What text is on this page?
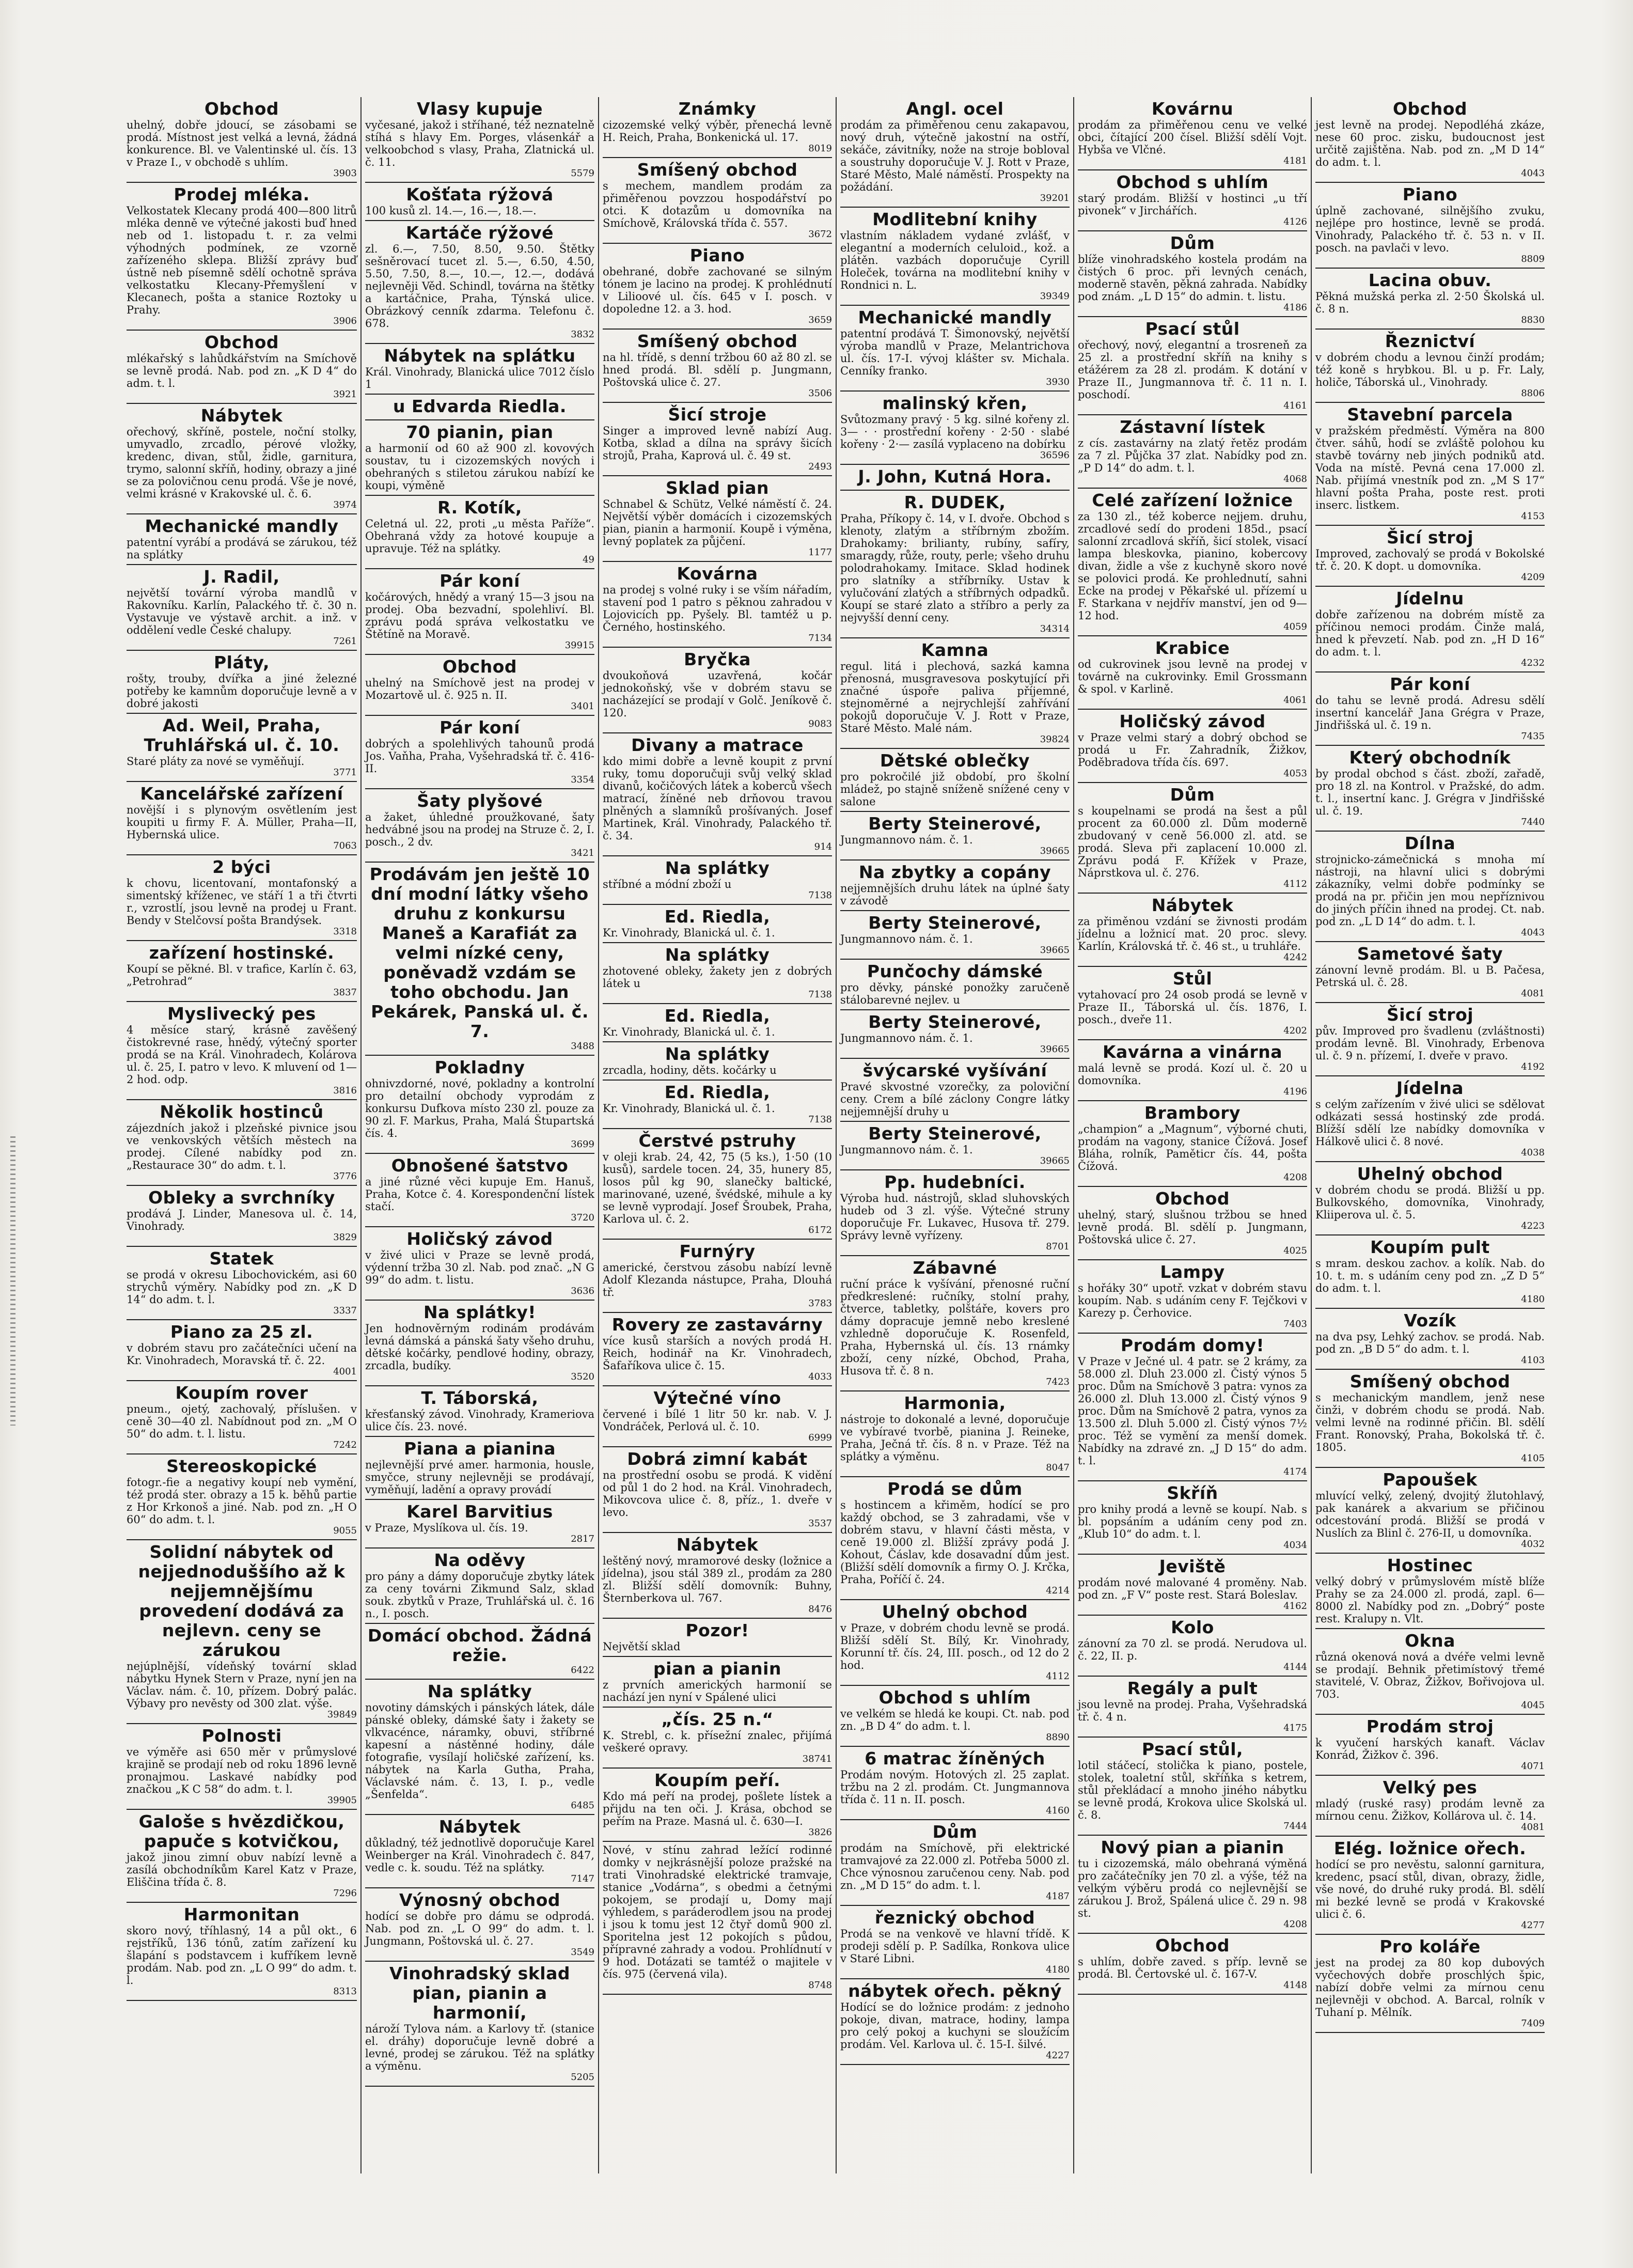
Obchod
uhelný, dobře jdoucí, se zásobami se prodá. Místnost jest velká a levná, žádná konkurence. Bl. ve Valentinské ul. čís. 13 v Praze I., v obchodě s uhlím.
3903
Prodej mléka.
Velkostatek Klecany prodá 400—800 litrů mléka denně ve výtečné jakosti buď hned neb od 1. listopadu t. r. za velmi výhodných podmínek, ze vzorně zařízeného sklepa. Bližší zprávy buď ústně neb písemně sdělí ochotně správa velkostatku Klecany-Přemyšlení v Klecanech, pošta a stanice Roztoky u Prahy.
3906
Obchod
mlékařský s lahůdkářstvím na Smíchově se levně prodá. Nab. pod zn. „K D 4“ do adm. t. l.
3921
Nábytek
ořechový, skříně, postele, noční stolky, umyvadlo, zrcadlo, pérové vložky, kredenc, divan, stůl, židle, garnitura, trymo, salonní skříň, hodiny, obrazy a jiné se za polovičnou cenu prodá. Vše je nové, velmi krásné v Krakovské ul. č. 6.
3974
Mechanické mandly
patentní vyrábí a prodává se zárukou, též na splátky
J. Radil,
největší tovární výroba mandlů v Rakovníku. Karlín, Palackého tř. č. 30 n. Vystavuje ve výstavě archit. a inž. v oddělení vedle České chalupy.
7261
Pláty,
rošty, trouby, dvířka a jiné železné potřeby ke kamnům doporučuje levně a v dobré jakosti
Ad. Weil, Praha, Truhlářská ul. č. 10.
Staré pláty za nové se vyměňují.
3771
Kancelářské zařízení
novější i s plynovým osvětlením jest koupiti u firmy F. A. Müller, Praha—II, Hybernská ulice.
7063
2 býci
k chovu, licentovaní, montafonský a simentský kříženec, ve stáří 1 a tři čtvrti r., vzrostlí, jsou levně na prodej u Frant. Bendy v Stelčovsí pošta Brandýsek.
3318
zařízení hostinské.
Koupí se pěkné. Bl. v trafice, Karlín č. 63, „Petrohrad“
3837
Myslivecký pes
4 měsíce starý, krásně zavěšený čistokrevné rase, hnědý, výtečný sporter prodá se na Král. Vinohradech, Kolárova ul. č. 25, I. patro v levo. K mluvení od 1—2 hod. odp.
3816
Několik hostinců
zájezdních jakož i plzeňské pivnice jsou ve venkovských větších městech na prodej. Cílené nabídky pod zn. „Restaurace 30“ do adm. t. l.
3776
Obleky a svrchníky
prodává J. Linder, Manesova ul. č. 14, Vinohrady.
3829
Statek
se prodá v okresu Libochovickém, asi 60 strychů výměry. Nabídky pod zn. „K D 14“ do adm. t. l.
3337
Piano za 25 zl.
v dobrém stavu pro začátečníci učení na Kr. Vinohradech, Moravská tř. č. 22.
4001
Koupím rover
pneum., ojetý, zachovalý, příslušen. v ceně 30—40 zl. Nabídnout pod zn. „M O 50“ do adm. t. l. listu.
7242
Stereoskopické
fotogr.-fie a negativy koupí neb vymění, též prodá ster. obrazy a 15 k. běhů partie z Hor Krkonoš a jiné. Nab. pod zn. „H O 60“ do adm. t. l.
9055
Solidní nábytek od nejjednoduššího až k nejjemnějšímu provedení dodává za nejlevn. ceny se zárukou
nejúplnější, vídeňský tovární sklad nábytku Hynek Stern v Praze, nyní jen na Václav. nám. č. 10, přízem. Dobrý palác. Výbavy pro nevěsty od 300 zlat. výše.
39849
Polnosti
ve výměře asi 650 měr v průmyslové krajině se prodají neb od roku 1896 levně pronajmou. Laskavé nabídky pod značkou „K C 58“ do adm. t. l.
39905
Galoše s hvězdičkou, papuče s kotvičkou,
jakož jinou zimní obuv nabízí levně a zasílá obchodníkům Karel Katz v Praze, Eliščina třída č. 8.
7296
Harmonitan
skoro nový, tříhlasný, 14 a půl okt., 6 rejstříků, 136 tónů, zatím zařízení ku šlapání s podstavcem i kufříkem levně prodám. Nab. pod zn. „L O 99“ do adm. t. l.
8313
Vlasy kupuje
vyčesané, jakož i stříhané, též neznatelně stíhá s hlavy Em. Porges, vlásenkář a velkoobchod s vlasy, Praha, Zlatnická ul. č. 11.
5579
Košťata rýžová
100 kusů zl. 14.—, 16.—, 18.—.
Kartáče rýžové
zl. 6.—, 7.50, 8.50, 9.50. Štětky sešněrovací tucet zl. 5.—, 6.50, 4.50, 5.50, 7.50, 8.—, 10.—, 12.—, dodává nejlevněji Věd. Schindl, továrna na štětky a kartáčnice, Praha, Týnská ulice. Obrázkový cenník zdarma. Telefonu č. 678.
3832
Nábytek na splátku
Král. Vinohrady, Blanická ulice 7012 číslo 1
u Edvarda Riedla.
70 pianin, pian
a harmonií od 60 až 900 zl. kovových soustav, tu i cizozemských nových i obehraných s stiletou zárukou nabízí ke koupi, výměně
R. Kotík,
Celetná ul. 22, proti „u města Paříže“. Obehraná vždy za hotové koupuje a upravuje. Též na splátky.
49
Pár koní
kočárových, hnědý a vraný 15—3 jsou na prodej. Oba bezvadní, spolehliví. Bl. zprávu podá správa velkostatku ve Štětíně na Moravě.
39915
Obchod
uhelný na Smíchově jest na prodej v Mozartově ul. č. 925 n. II.
3401
Pár koní
dobrých a spolehlivých tahounů prodá Jos. Vaňha, Praha, Vyšehradská tř. č. 416-II.
3354
Šaty plyšové
a žaket, úhledné proužkované, šaty hedvábné jsou na prodej na Struze č. 2, I. posch., 2 dv.
3421
Prodávám jen ještě 10 dní modní látky všeho druhu z konkursu Maneš a Karafiát za velmi nízké ceny, poněvadž vzdám se toho obchodu. Jan Pekárek, Panská ul. č. 7.
3488
Pokladny
ohnivzdorné, nové, pokladny a kontrolní pro detailní obchody vyprodám z konkursu Dufkova místo 230 zl. pouze za 90 zl. F. Markus, Praha, Malá Štupartská čís. 4.
3699
Obnošené šatstvo
a jiné různé věci kupuje Em. Hanuš, Praha, Kotce č. 4. Korespondenční lístek stačí.
3720
Holičský závod
v živé ulici v Praze se levně prodá, výdenní tržba 30 zl. Nab. pod znač. „N G 99“ do adm. t. listu.
3636
Na splátky!
Jen hodnověrným rodinám prodávám levná dámská a pánská šaty všeho druhu, dětské kočárky, pendlové hodiny, obrazy, zrcadla, budíky.
3520
T. Táborská,
křesťanský závod. Vinohrady, Krameriova ulice čís. 23. nové.
Piana a pianina
nejlevnější prvé amer. harmonia, housle, smyčce, struny nejlevněji se prodávají, vyměňují, ladění a opravy provádí
Karel Barvitius
v Praze, Myslíkova ul. čís. 19.
2817
Na oděvy
pro pány a dámy doporučuje zbytky látek za ceny továrni Zikmund Salz, sklad souk. zbytků v Praze, Truhlářská ul. č. 16 n., I. posch.
Domácí obchod. Žádná režie.
6422
Na splátky
novotiny dámských i pánských látek, dále pánské obleky, dámské šaty i žakety se vlkvacénce, náramky, obuvi, stříbrné kapesní a nástěnné hodiny, dále fotografie, vysílají holičské zařízení, ks. nábytek na Karla Gutha, Praha, Václavské nám. č. 13, I. p., vedle „Šenfelda“.
6485
Nábytek
důkladný, též jednotlivě doporučuje Karel Weinberger na Král. Vinohradech č. 847, vedle c. k. soudu. Též na splátky.
7147
Výnosný obchod
hodící se dobře pro dámu se odprodá. Nab. pod zn. „L O 99“ do adm. t. l. Jungmann, Poštovská ul. č. 27.
3549
Vinohradský sklad pian, pianin a harmonií,
nároží Tylova nám. a Karlovy tř. (stanice el. dráhy) doporučuje levně dobré a levné, prodej se zárukou. Též na splátky a výměnu.
5205
Známky
cizozemské velký výběr, přenechá levně H. Reich, Praha, Bonkenická ul. 17.
8019
Smíšený obchod
s mechem, mandlem prodám za přiměřenou povzzou hospodářství po otci. K dotazům u domovníka na Smíchově, Královská třída č. 557.
3672
Piano
obehrané, dobře zachované se silným tónem je lacino na prodej. K prohlédnutí v Lilioové ul. čís. 645 v I. posch. v dopoledne 12. a 3. hod.
3659
Smíšený obchod
na hl. třídě, s denní tržbou 60 až 80 zl. se hned prodá. Bl. sdělí p. Jungmann, Poštovská ulice č. 27.
3506
Šicí stroje
Singer a improved levně nabízí Aug. Kotba, sklad a dílna na správy šicích strojů, Praha, Kaprová ul. č. 49 st.
2493
Sklad pian
Schnabel & Schütz, Velké náměstí č. 24. Největší výběr domácích i cizozemských pian, pianin a harmonií. Koupě i výměna, levný poplatek za půjčení.
1177
Kovárna
na prodej s volné ruky i se vším nářadím, stavení pod 1 patro s pěknou zahradou v Lojovicích pp. Pyšely. Bl. tamtéž u p. Černého, hostinského.
7134
Bryčka
dvoukoňová uzavřená, kočár jednokoňský, vše v dobrém stavu se nacházející se prodají v Golč. Jeníkově č. 120.
9083
Divany a matrace
kdo mimi dobře a levně koupit z první ruky, tomu doporučuji svůj velký sklad divanů, kočičových látek a koberců všech matrací, žíněné neb drňovou travou plněných a slamníků prošívaných. Josef Martinek, Král. Vinohrady, Palackého tř. č. 34.
914
Na splátky
stříbné a módní zboží u
7138
Ed. Riedla,
Kr. Vinohrady, Blanická ul. č. 1.
Na splátky
zhotovené obleky, žakety jen z dobrých látek u
7138
Ed. Riedla,
Kr. Vinohrady, Blanická ul. č. 1.
Na splátky
zrcadla, hodiny, děts. kočárky u
Ed. Riedla,
Kr. Vinohrady, Blanická ul. č. 1.
7138
Čerstvé pstruhy
v oleji krab. 24, 42, 75 (5 ks.), 1·50 (10 kusů), sardele tocen. 24, 35, hunery 85, losos půl kg 90, slanečky baltické, marinované, uzené, švédské, mihule a ky se levně vyprodají. Josef Šroubek, Praha, Karlova ul. č. 2.
6172
Furnýry
americké, čerstvou zásobu nabízí levně Adolf Klezanda nástupce, Praha, Dlouhá tř.
3783
Rovery ze zastavárny
více kusů starších a nových prodá H. Reich, hodinář na Kr. Vinohradech, Šafaříkova ulice č. 15.
4033
Výtečné víno
červené i bílé 1 litr 50 kr. nab. V. J. Vondráček, Perlová ul. č. 10.
6999
Dobrá zimní kabát
na prostřední osobu se prodá. K vidění od půl 1 do 2 hod. na Král. Vinohradech, Mikovcova ulice č. 8, příz., 1. dveře v levo.
3537
Nábytek
leštěný nový, mramorové desky (ložnice a jídelna), jsou stál 389 zl., prodám za 280 zl. Bližší sdělí domovník: Buhny, Šternberkova ul. 767.
8476
Pozor!
Největší sklad
pian a pianin
z prvních amerických harmonií se nachází jen nyní v Spálené ulici
„čís. 25 n.“
K. Strebl, c. k. přísežní znalec, přijímá veškeré opravy.
38741
Koupím peří.
Kdo má peří na prodej, pošlete lístek a přijdu na ten oči. J. Krása, obchod se peřím na Praze. Masná ul. č. 630—I.
3826
Nové, v stínu zahrad ležící rodinné domky v nejkrásnější poloze pražské na trati Vinohradské elektrické tramvaje, stanice „Vodárna“, s obedmi a četnými pokojem, se prodají u, Domy mají výhledem, s paráderodlem jsou na prodej i jsou k tomu jest 12 čtyř domů 900 zl. Sporitelna jest 12 pokojích s půdou, přípravné zahrady a vodou. Prohlídnutí v 9 hod. Dotázati se tamtéž o majitele v čís. 975 (červená vila).
8748
Angl. ocel
prodám za přiměřenou cenu zakapavou, nový druh, výtečně jakostní na ostří, sekáče, závitníky, nože na stroje bobloval a soustruhy doporučuje V. J. Rott v Praze, Staré Město, Malé náměstí. Prospekty na požádání.
39201
Modlitební knihy
vlastním nákladem vydané zvlášť, v elegantní a moderních celuloid., kož. a plátěn. vazbách doporučuje Cyrill Holeček, továrna na modlitební knihy v Rondnici n. L.
39349
Mechanické mandly
patentní prodává T. Šimonovský, největší výroba mandlů v Praze, Melantrichova ul. čís. 17-I. vývoj klášter sv. Michala. Cenníky franko.
3930
malinský křen,
Svůtozmany pravý · 5 kg. silné kořeny zl. 3— · · prostřední kořeny · 2·50 · slabé kořeny · 2·— zasílá vyplaceno na dobírku
36596
J. John, Kutná Hora.
R. DUDEK,
Praha, Příkopy č. 14, v I. dvoře. Obchod s klenoty, zlatým a stříbrným zbožím. Drahokamy: brilianty, rubíny, safíry, smaragdy, růže, routy, perle; všeho druhu polodrahokamy. Imitace. Sklad hodinek pro slatníky a stříbrníky. Ustav k vylučování zlatých a stříbrných odpadků. Koupí se staré zlato a stříbro a perly za nejvyšší denní ceny.
34314
Kamna
regul. litá i plechová, sazká kamna přenosná, musgravesova poskytující při značné úspoře paliva příjemné, stejnoměrné a nejrychlejší zahřívání pokojů doporučuje V. J. Rott v Praze, Staré Město. Malé nám.
39824
Dětské oblečky
pro pokročilé již období, pro školní mládež, po stajně sníženě snížené ceny v salone
Berty Steinerové,
Jungmannovo nám. č. 1.
39665
Na zbytky a copány
nejjemnějších druhu látek na úplné šaty v závodě
Berty Steinerové,
Jungmannovo nám. č. 1.
39665
Punčochy dámské
pro děvky, pánské ponožky zaručeně stálobarevné nejlev. u
Berty Steinerové,
Jungmannovo nám. č. 1.
39665
švýcarské vyšívání
Pravé skvostné vzorečky, za poloviční ceny. Crem a bílé záclony Congre látky nejjemnější druhy u
Berty Steinerové,
Jungmannovo nám. č. 1.
39665
Pp. hudebníci.
Výroba hud. nástrojů, sklad sluhovských hudeb od 3 zl. výše. Výtečné struny doporučuje Fr. Lukavec, Husova tř. 279. Správy levně vyřízeny.
8701
Zábavné
ruční práce k vyšívání, přenosné ruční předkreslené: ručníky, stolní prahy, čtverce, tabletky, polštáře, kovers pro dámy dopracuje jemně nebo kreslené vzhledně doporučuje K. Rosenfeld, Praha, Hybernská ul. čís. 13 rnámky zboží, ceny nízké, Obchod, Praha, Husova tř. č. 8 n.
7423
Harmonia,
nástroje to dokonalé a levné, doporučuje ve vybíravé tvorbě, pianina J. Reineke, Praha, Ječná tř. čís. 8 n. v Praze. Též na splátky a výměnu.
8047
Prodá se dům
s hostincem a křiměm, hodící se pro každý obchod, se 3 zahradami, vše v dobrém stavu, v hlavní části města, v ceně 19.000 zl. Bližší zprávy podá J. Kohout, Čáslav, kde dosavadní dům jest. (Bližší sdělí domovník a firmy O. J. Krčka, Praha, Poříčí č. 24.
4214
Uhelný obchod
v Praze, v dobrém chodu levně se prodá. Bližší sdělí St. Bílý, Kr. Vinohrady, Korunní tř. čís. 24, III. posch., od 12 do 2 hod.
4112
Obchod s uhlím
ve velkém se hledá ke koupi. Ct. nab. pod zn. „B D 4“ do adm. t. l.
8890
6 matrac žíněných
Prodám novým. Hotových zl. 25 zaplat. tržbu na 2 zl. prodám. Ct. Jungmannova třída č. 11 n. II. posch.
4160
Dům
prodám na Smíchově, při elektrické tramvajové za 22.000 zl. Potřeba 5000 zl. Chce výnosnou zaručenou ceny. Nab. pod zn. „M D 15“ do adm. t. l.
4187
řeznický obchod
Prodá se na venkově ve hlavní třídě. K prodeji sdělí p. P. Sadílka, Ronkova ulice v Staré Libni.
4180
nábytek ořech. pěkný
Hodící se do ložnice prodám: z jednoho pokoje, divan, matrace, hodiny, lampa pro celý pokoj a kuchyni se sloužícím prodám. Vel. Karlova ul. č. 15-I. šilvé.
4227
Kovárnu
prodám za přiměřenou cenu ve velké obci, čítající 200 čísel. Bližší sdělí Vojt. Hybša ve Vlčné.
4181
Obchod s uhlím
starý prodám. Bližší v hostinci „u tří pivonek“ v Jirchářích.
4126
Dům
blíže vinohradského kostela prodám na čistých 6 proc. při levných cenách, moderně stavěn, pěkná zahrada. Nabídky pod znám. „L D 15“ do admin. t. listu.
4186
Psací stůl
ořechový, nový, elegantní a trosreneň za 25 zl. a prostřední skříň na knihy s etážérem za 28 zl. prodám. K dotání v Praze II., Jungmannova tř. č. 11 n. I. poschodí.
4161
Zástavní lístek
z cís. zastavárny na zlatý řetěz prodám za 7 zl. Půjčka 37 zlat. Nabídky pod zn. „P D 14“ do adm. t. l.
4068
Celé zařízení ložnice
za 130 zl., též koberce nejjem. druhu, zrcadlové sedí do prodeni 185d., psací salonní zrcadlová skříň, šicí stolek, visací lampa bleskovka, pianino, kobercovy divan, židle a vše z kuchyně skoro nové se polovici prodá. Ke prohlednutí, sahni Ecke na prodej v Pěkařské ul. přízemí u F. Starkana v nejdřív manství, jen od 9—12 hod.
4059
Krabice
od cukrovinek jsou levně na prodej v továrně na cukrovinky. Emil Grossmann & spol. v Karlině.
4061
Holičský závod
v Praze velmi starý a dobrý obchod se prodá u Fr. Zahradník, Žižkov, Poděbradova třída čís. 697.
4053
Dům
s koupelnami se prodá na šest a půl procent za 60.000 zl. Dům moderně zbudovaný v ceně 56.000 zl. atd. se prodá. Sleva při zaplacení 10.000 zl. Zprávu podá F. Křížek v Praze, Náprstkova ul. č. 276.
4112
Nábytek
za přiměnou vzdání se živnosti prodám jídelnu a ložnicí mat. 20 proc. slevy. Karlín, Královská tř. č. 46 st., u truhláře.
4242
Stůl
vytahovací pro 24 osob prodá se levně v Praze II., Táborská ul. čís. 1876, I. posch., dveře 11.
4202
Kavárna a vinárna
malá levně se prodá. Kozí ul. č. 20 u domovníka.
4196
Brambory
„champion“ a „Magnum“, výborné chuti, prodám na vagony, stanice Čížová. Josef Bláha, rolník, Paměticr čís. 44, pošta Čížová.
4208
Obchod
uhelný, starý, slušnou tržbou se hned levně prodá. Bl. sdělí p. Jungmann, Poštovská ulice č. 27.
4025
Lampy
s hořáky 30“ upotř. vzkat v dobrém stavu koupím. Nab. s udáním ceny F. Tejčkovi v Karezy p. Čerhovice.
7403
Prodám domy!
V Praze v Ječné ul. 4 patr. se 2 krámy, za 58.000 zl. Dluh 23.000 zl. Čistý výnos 5 proc. Dům na Smíchově 3 patra: vynos za 26.000 zl. Dluh 13.000 zl. Čistý výnos 9 proc. Dům na Smíchově 2 patra, vynos za 13.500 zl. Dluh 5.000 zl. Čistý výnos 7½ proc. Též se vymění za menší domek. Nabídky na zdravé zn. „J D 15“ do adm. t. l.
4174
Skříň
pro knihy prodá a levně se koupí. Nab. s bl. popsáním a udáním ceny pod zn. „Klub 10“ do adm. t. l.
4034
Jeviště
prodám nové malované 4 proměny. Nab. pod zn. „F V“ poste rest. Stará Boleslav.
4162
Kolo
zánovní za 70 zl. se prodá. Nerudova ul. č. 22, II. p.
4144
Regály a pult
jsou levně na prodej. Praha, Vyšehradská tř. č. 4 n.
4175
Psací stůl,
lotil stáčecí, stolička k piano, postele, stolek, toaletní stůl, skříňka s ketrem, stůl překládací a mnoho jiného nábytku se levně prodá, Krokova ulice Skolská ul. č. 8.
7444
Nový pian a pianin
tu i cizozemská, málo obehraná výměná pro začátečníky jen 70 zl. a výše, též na velkým výběru prodá co nejlevnější se zárukou J. Brož, Spálená ulice č. 29 n. 98 st.
4208
Obchod
s uhlím, dobře zaved. s příp. levně se prodá. Bl. Čertovské ul. č. 167-V.
4148
Obchod
jest levně na prodej. Nepodléhá zkáze, nese 60 proc. zisku, budoucnost jest určitě zajištěna. Nab. pod zn. „M D 14“ do adm. t. l.
4043
Piano
úplně zachované, silnějšího zvuku, nejlépe pro hostince, levně se prodá. Vinohrady, Palackého tř. č. 53 n. v II. posch. na pavlači v levo.
8809
Lacina obuv.
Pěkná mužská perka zl. 2·50 Školská ul. č. 8 n.
8830
Řeznictví
v dobrém chodu a levnou činží prodám; též koně s hrybkou. Bl. u p. Fr. Laly, holiče, Táborská ul., Vinohrady.
8806
Stavební parcela
v pražském předměstí. Výměra na 800 čtver. sáhů, hodí se zvláště polohou ku stavbě továrny neb jiných podniků atd. Voda na místě. Pevná cena 17.000 zl. Nab. přijímá vnestník pod zn. „M S 17“ hlavní pošta Praha, poste rest. proti inserc. listkem.
4153
Šicí stroj
Improved, zachovalý se prodá v Bokolské tř. č. 20. K dopt. u domovníka.
4209
Jídelnu
dobře zařízenou na dobrém místě za příčinou nemoci prodám. Činže malá, hned k převzetí. Nab. pod zn. „H D 16“ do adm. t. l.
4232
Pár koní
do tahu se levně prodá. Adresu sdělí insertní kancelář Jana Grégra v Praze, Jindřišská ul. č. 19 n.
7435
Který obchodník
by prodal obchod s část. zboží, zařadě, pro 18 zl. na Kontrol. v Pražské, do adm. t. l., insertní kanc. J. Grégra v Jindřišské ul. č. 19.
7440
Dílna
strojnicko-zámečnická s mnoha mí nástroji, na hlavní ulici s dobrými zákazníky, velmi dobře podmínky se prodá na pr. přičin jen mou nepříznivou do jiných příčin ihned na prodej. Ct. nab. pod zn. „L D 14“ do adm. t. l.
4043
Sametové šaty
zánovní levně prodám. Bl. u B. Pačesa, Petrská ul. č. 28.
4081
Šicí stroj
pův. Improved pro švadlenu (zvláštnosti) prodám levně. Bl. Vinohrady, Erbenova ul. č. 9 n. přízemí, I. dveře v pravo.
4192
Jídelna
s celým zařízením v živé ulici se sdělovat odkázati sessá hostinský zde prodá. Blížší sdělí lze nabídky domovníka v Hálkově ulici č. 8 nové.
4038
Uhelný obchod
v dobrém chodu se prodá. Bližší u pp. Bulkovského, domovníka, Vinohrady, Kliiperova ul. č. 5.
4223
Koupím pult
s mram. deskou zachov. a kolík. Nab. do 10. t. m. s udáním ceny pod zn. „Z D 5“ do adm. t. l.
4180
Vozík
na dva psy, Lehký zachov. se prodá. Nab. pod zn. „B D 5“ do adm. t. l.
4103
Smíšený obchod
s mechanickým mandlem, jenž nese činži, v dobrém chodu se prodá. Nab. velmi levně na rodinné přičin. Bl. sdělí Frant. Ronovský, Praha, Bokolská tř. č. 1805.
4105
Papoušek
mluvící velký, zelený, dvojitý žlutohlavý, pak kanárek a akvarium se přičinou odcestování prodá. Bližší se prodá v Nuslích za Blinl č. 276-II, u domovníka.
4032
Hostinec
velký dobrý v průmyslovém místě blíže Prahy se za 24.000 zl. prodá, zapl. 6—8000 zl. Nabídky pod zn. „Dobrý“ poste rest. Kralupy n. Vlt.
Okna
různá okenová nová a dvéře velmi levně se prodají. Behnik přetimístový třemé stavitelé, V. Obraz, Žižkov, Bořivojova ul. 703.
4045
Prodám stroj
k vyučení harských kanaft. Václav Konrád, Žižkov č. 396.
4071
Velký pes
mladý (ruské rasy) prodám levně za mírnou cenu. Žižkov, Kollárova ul. č. 14.
4081
Elég. ložnice ořech.
hodící se pro nevěstu, salonní garnitura, kredenc, psací stůl, divan, obrazy, židle, vše nové, do druhé ruky prodá. Bl. sdělí mi bezké levně se prodá v Krakovské ulici č. 6.
4277
Pro koláře
jest na prodej za 80 kop dubových vyčechových dobře proschlých špic, nabízí dobře velmi za mírnou cenu nejlevněji v obchod. A. Barcal, rolník v Tuhaní p. Mělník.
7409
